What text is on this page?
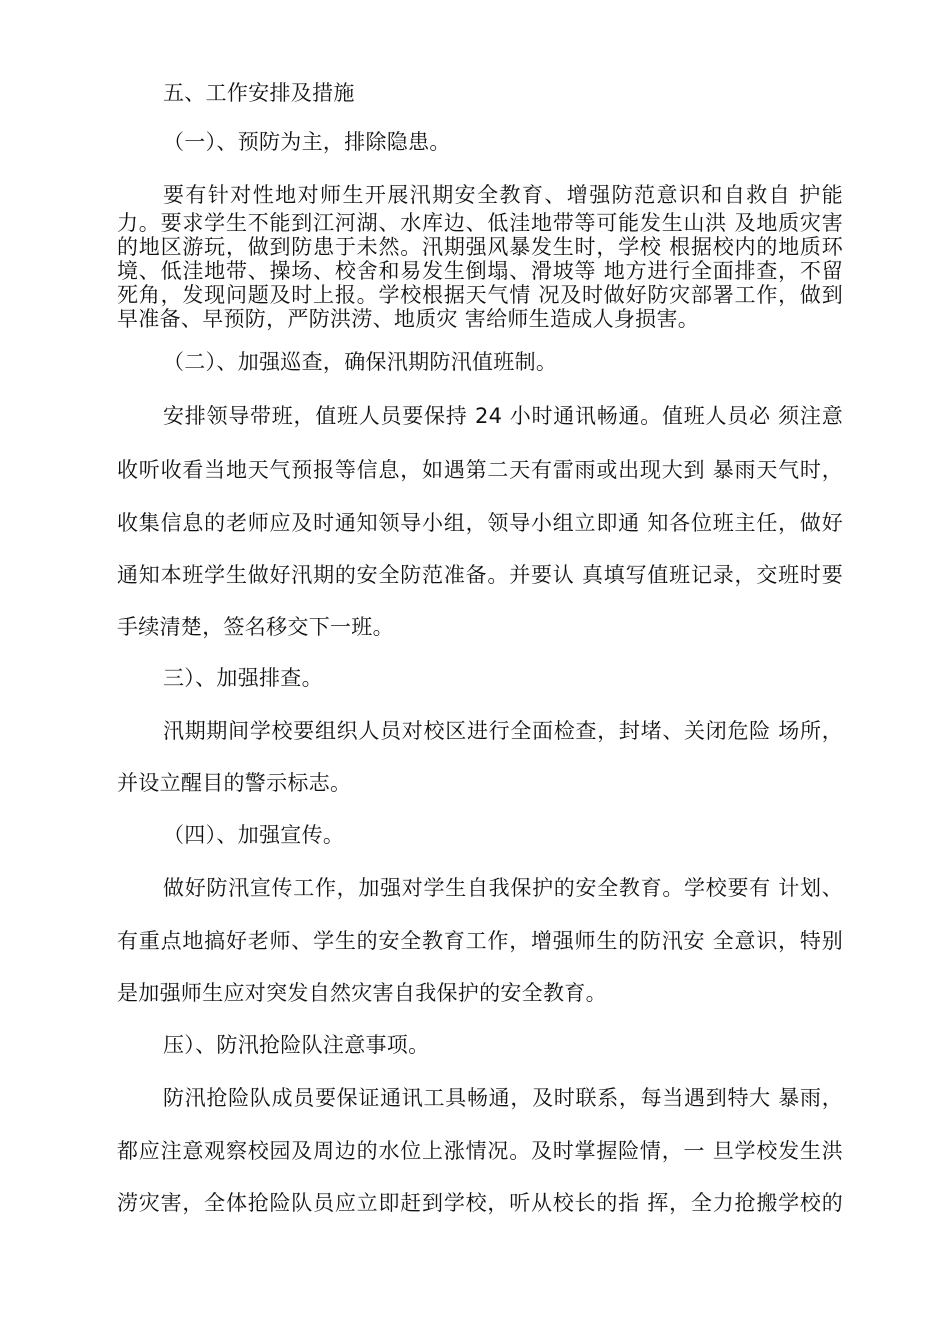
五、工作安排及措施
（一）、预防为主，排除隐患。
要有针对性地对师生开展汛期安全教育、增强防范意识和自救自 护能
力。要求学生不能到江河湖、水库边、低洼地带等可能发生山洪 及地质灾害
的地区游玩，做到防患于未然。汛期强风暴发生时，学校 根据校内的地质环
境、低洼地带、操场、校舍和易发生倒塌、滑坡等 地方进行全面排查，不留
死角，发现问题及时上报。学校根据天气情 况及时做好防灾部署工作，做到
早准备、早预防，严防洪涝、地质灾 害给师生造成人身损害。
（二）、加强巡查，确保汛期防汛值班制。
安排领导带班，值班人员要保持 24 小时通讯畅通。值班人员必 须注意
收听收看当地天气预报等信息，如遇第二天有雷雨或出现大到 暴雨天气时，
收集信息的老师应及时通知领导小组，领导小组立即通 知各位班主任，做好
通知本班学生做好汛期的安全防范准备。并要认 真填写值班记录，交班时要
手续清楚，签名移交下一班。
三）、加强排查。
汛期期间学校要组织人员对校区进行全面检查，封堵、关闭危险 场所，
并设立醒目的警示标志。
（四）、加强宣传。
做好防汛宣传工作，加强对学生自我保护的安全教育。学校要有 计划、
有重点地搞好老师、学生的安全教育工作，增强师生的防汛安 全意识，特别
是加强师生应对突发自然灾害自我保护的安全教育。
压）、防汛抢险队注意事项。
防汛抢险队成员要保证通讯工具畅通，及时联系，每当遇到特大 暴雨，
都应注意观察校园及周边的水位上涨情况。及时掌握险情，一 旦学校发生洪
涝灾害，全体抢险队员应立即赶到学校，听从校长的指 挥，全力抢搬学校的
